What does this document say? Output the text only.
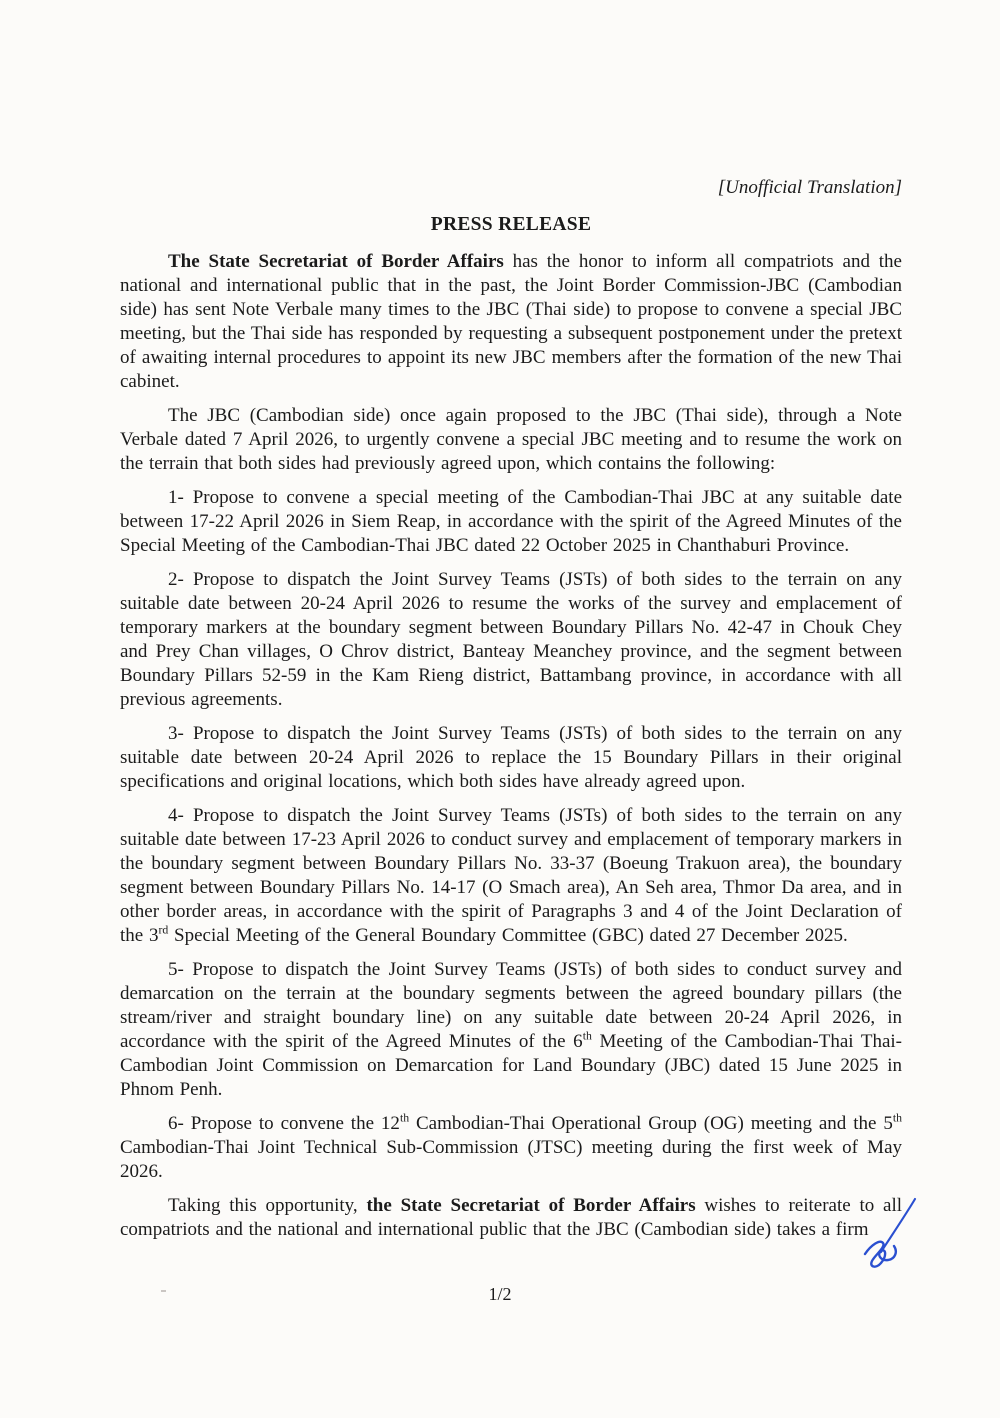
[Unofficial Translation]
PRESS RELEASE

The State Secretariat of Border Affairs has the honor to inform all compatriots and the national and international public that in the past, the Joint Border Commission-JBC (Cambodian side) has sent Note Verbale many times to the JBC (Thai side) to propose to convene a special JBC meeting, but the Thai side has responded by requesting a subsequent postponement under the pretext of awaiting internal procedures to appoint its new JBC members after the formation of the new Thai cabinet.

The JBC (Cambodian side) once again proposed to the JBC (Thai side), through a Note Verbale dated 7 April 2026, to urgently convene a special JBC meeting and to resume the work on the terrain that both sides had previously agreed upon, which contains the following:

1- Propose to convene a special meeting of the Cambodian-Thai JBC at any suitable date between 17-22 April 2026 in Siem Reap, in accordance with the spirit of the Agreed Minutes of the Special Meeting of the Cambodian-Thai JBC dated 22 October 2025 in Chanthaburi Province.

2- Propose to dispatch the Joint Survey Teams (JSTs) of both sides to the terrain on any suitable date between 20-24 April 2026 to resume the works of the survey and emplacement of temporary markers at the boundary segment between Boundary Pillars No. 42-47 in Chouk Chey and Prey Chan villages, O Chrov district, Banteay Meanchey province, and the segment between Boundary Pillars 52-59 in the Kam Rieng district, Battambang province, in accordance with all previous agreements.

3- Propose to dispatch the Joint Survey Teams (JSTs) of both sides to the terrain on any suitable date between 20-24 April 2026 to replace the 15 Boundary Pillars in their original specifications and original locations, which both sides have already agreed upon.

4- Propose to dispatch the Joint Survey Teams (JSTs) of both sides to the terrain on any suitable date between 17-23 April 2026 to conduct survey and emplacement of temporary markers in the boundary segment between Boundary Pillars No. 33-37 (Boeung Trakuon area), the boundary segment between Boundary Pillars No. 14-17 (O Smach area), An Seh area, Thmor Da area, and in other border areas, in accordance with the spirit of Paragraphs 3 and 4 of the Joint Declaration of the 3rd Special Meeting of the General Boundary Committee (GBC) dated 27 December 2025.

5- Propose to dispatch the Joint Survey Teams (JSTs) of both sides to conduct survey and demarcation on the terrain at the boundary segments between the agreed boundary pillars (the stream/river and straight boundary line) on any suitable date between 20-24 April 2026, in accordance with the spirit of the Agreed Minutes of the 6th Meeting of the Cambodian-Thai Thai-Cambodian Joint Commission on Demarcation for Land Boundary (JBC) dated 15 June 2025 in Phnom Penh.

6- Propose to convene the 12th Cambodian-Thai Operational Group (OG) meeting and the 5th Cambodian-Thai Joint Technical Sub-Commission (JTSC) meeting during the first week of May 2026.

Taking this opportunity, the State Secretariat of Border Affairs wishes to reiterate to all compatriots and the national and international public that the JBC (Cambodian side) takes a firm

1/2
